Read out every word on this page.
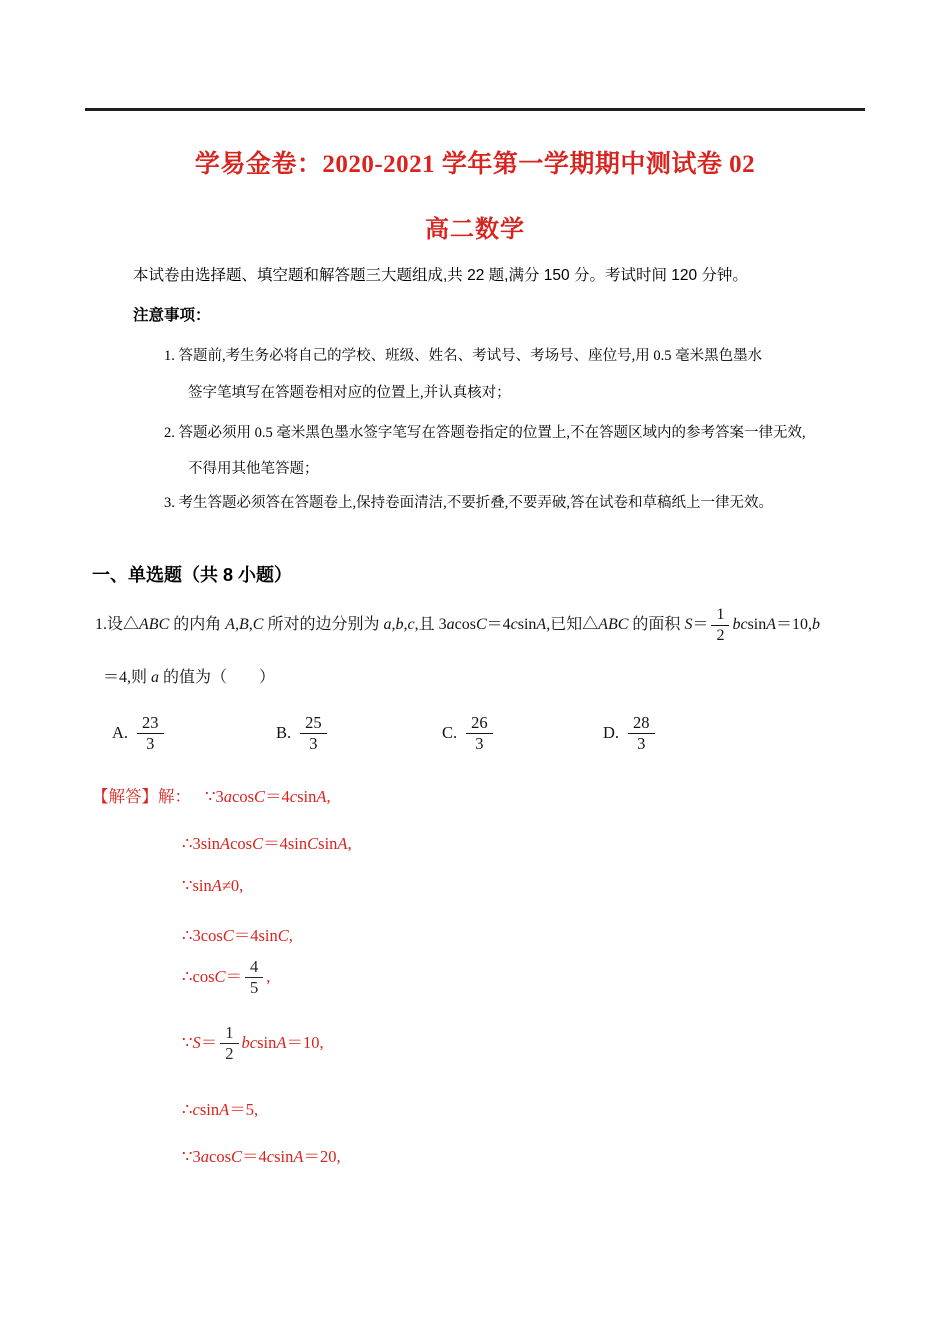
学易金卷：2020-2021 学年第一学期期中测试卷 02
高二数学
本试卷由选择题、填空题和解答题三大题组成,共 22 题,满分 150 分。考试时间 120 分钟。
注意事项：
1. 答题前,考生务必将自己的学校、班级、姓名、考试号、考场号、座位号,用 0.5 毫米黑色墨水
签字笔填写在答题卷相对应的位置上,并认真核对；
2. 答题必须用 0.5 毫米黑色墨水签字笔写在答题卷指定的位置上,不在答题区域内的参考答案一律无效,
不得用其他笔答题；
3. 考生答题必须答在答题卷上,保持卷面清洁,不要折叠,不要弄破,答在试卷和草稿纸上一律无效。
一、单选题（共 8 小题）
1.设△ABC 的内角 A,B,C 所对的边分别为 a,b,c,且 3acosC＝4csinA,已知△ABC 的面积 $S= \frac{1}{2} bcsinA=10,b$
＝4,则 a 的值为（　　）
A. $\frac{23}{3}$	B. $\frac{25}{3}$	C. $\frac{26}{3}$	D. $\frac{28}{3}$
【解答】解： ∵3acosC＝4csinA,
∴3sinAcosC＝4sinCsinA,
∵sinA≠0,
∴3cosC＝4sinC,
∴cosC＝ $\frac{4}{5}$ ,
∵S＝ $\frac{1}{2} bcsinA=10$,
∴csinA＝5,
∵3acosC＝4csinA＝20,
